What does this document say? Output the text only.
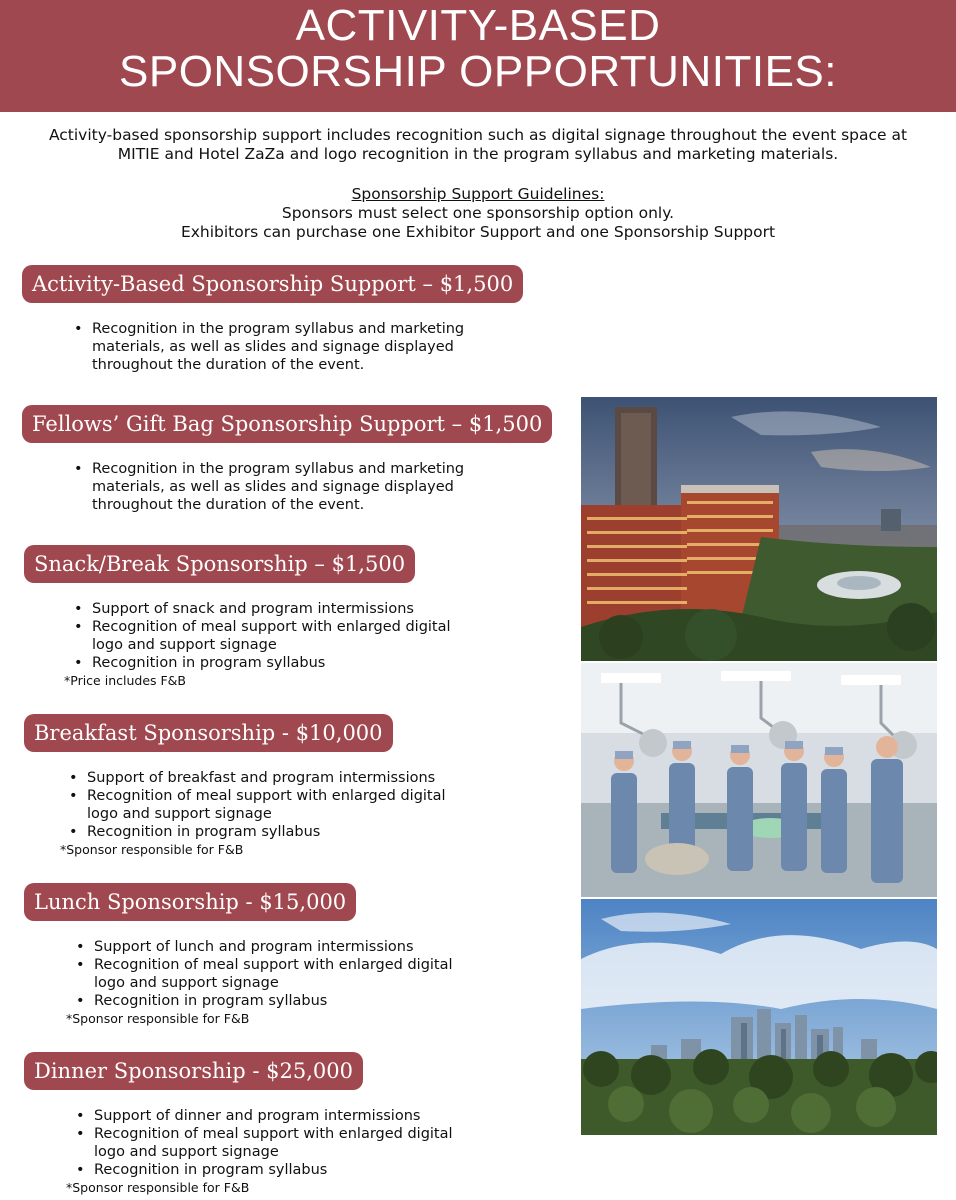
ACTIVITY-BASED
SPONSORSHIP OPPORTUNITIES:
Activity-based sponsorship support includes recognition such as digital signage throughout the event space at
MITIE and Hotel ZaZa and logo recognition in the program syllabus and marketing materials.
Sponsorship Support Guidelines:
Sponsors must select one sponsorship option only.
Exhibitors can purchase one Exhibitor Support and one Sponsorship Support
Activity-Based Sponsorship Support – $1,500
• Recognition in the program syllabus and marketing materials, as well as slides and signage displayed throughout the duration of the event.
Fellows’ Gift Bag Sponsorship Support – $1,500
• Recognition in the program syllabus and marketing materials, as well as slides and signage displayed throughout the duration of the event.
Snack/Break Sponsorship – $1,500
• Support of snack and program intermissions
• Recognition of meal support with enlarged digital logo and support signage
• Recognition in program syllabus
*Price includes F&B
Breakfast Sponsorship - $10,000
• Support of breakfast and program intermissions
• Recognition of meal support with enlarged digital logo and support signage
• Recognition in program syllabus
*Sponsor responsible for F&B
Lunch Sponsorship - $15,000
• Support of lunch and program intermissions
• Recognition of meal support with enlarged digital logo and support signage
• Recognition in program syllabus
*Sponsor responsible for F&B
Dinner Sponsorship - $25,000
• Support of dinner and program intermissions
• Recognition of meal support with enlarged digital logo and support signage
• Recognition in program syllabus
*Sponsor responsible for F&B
